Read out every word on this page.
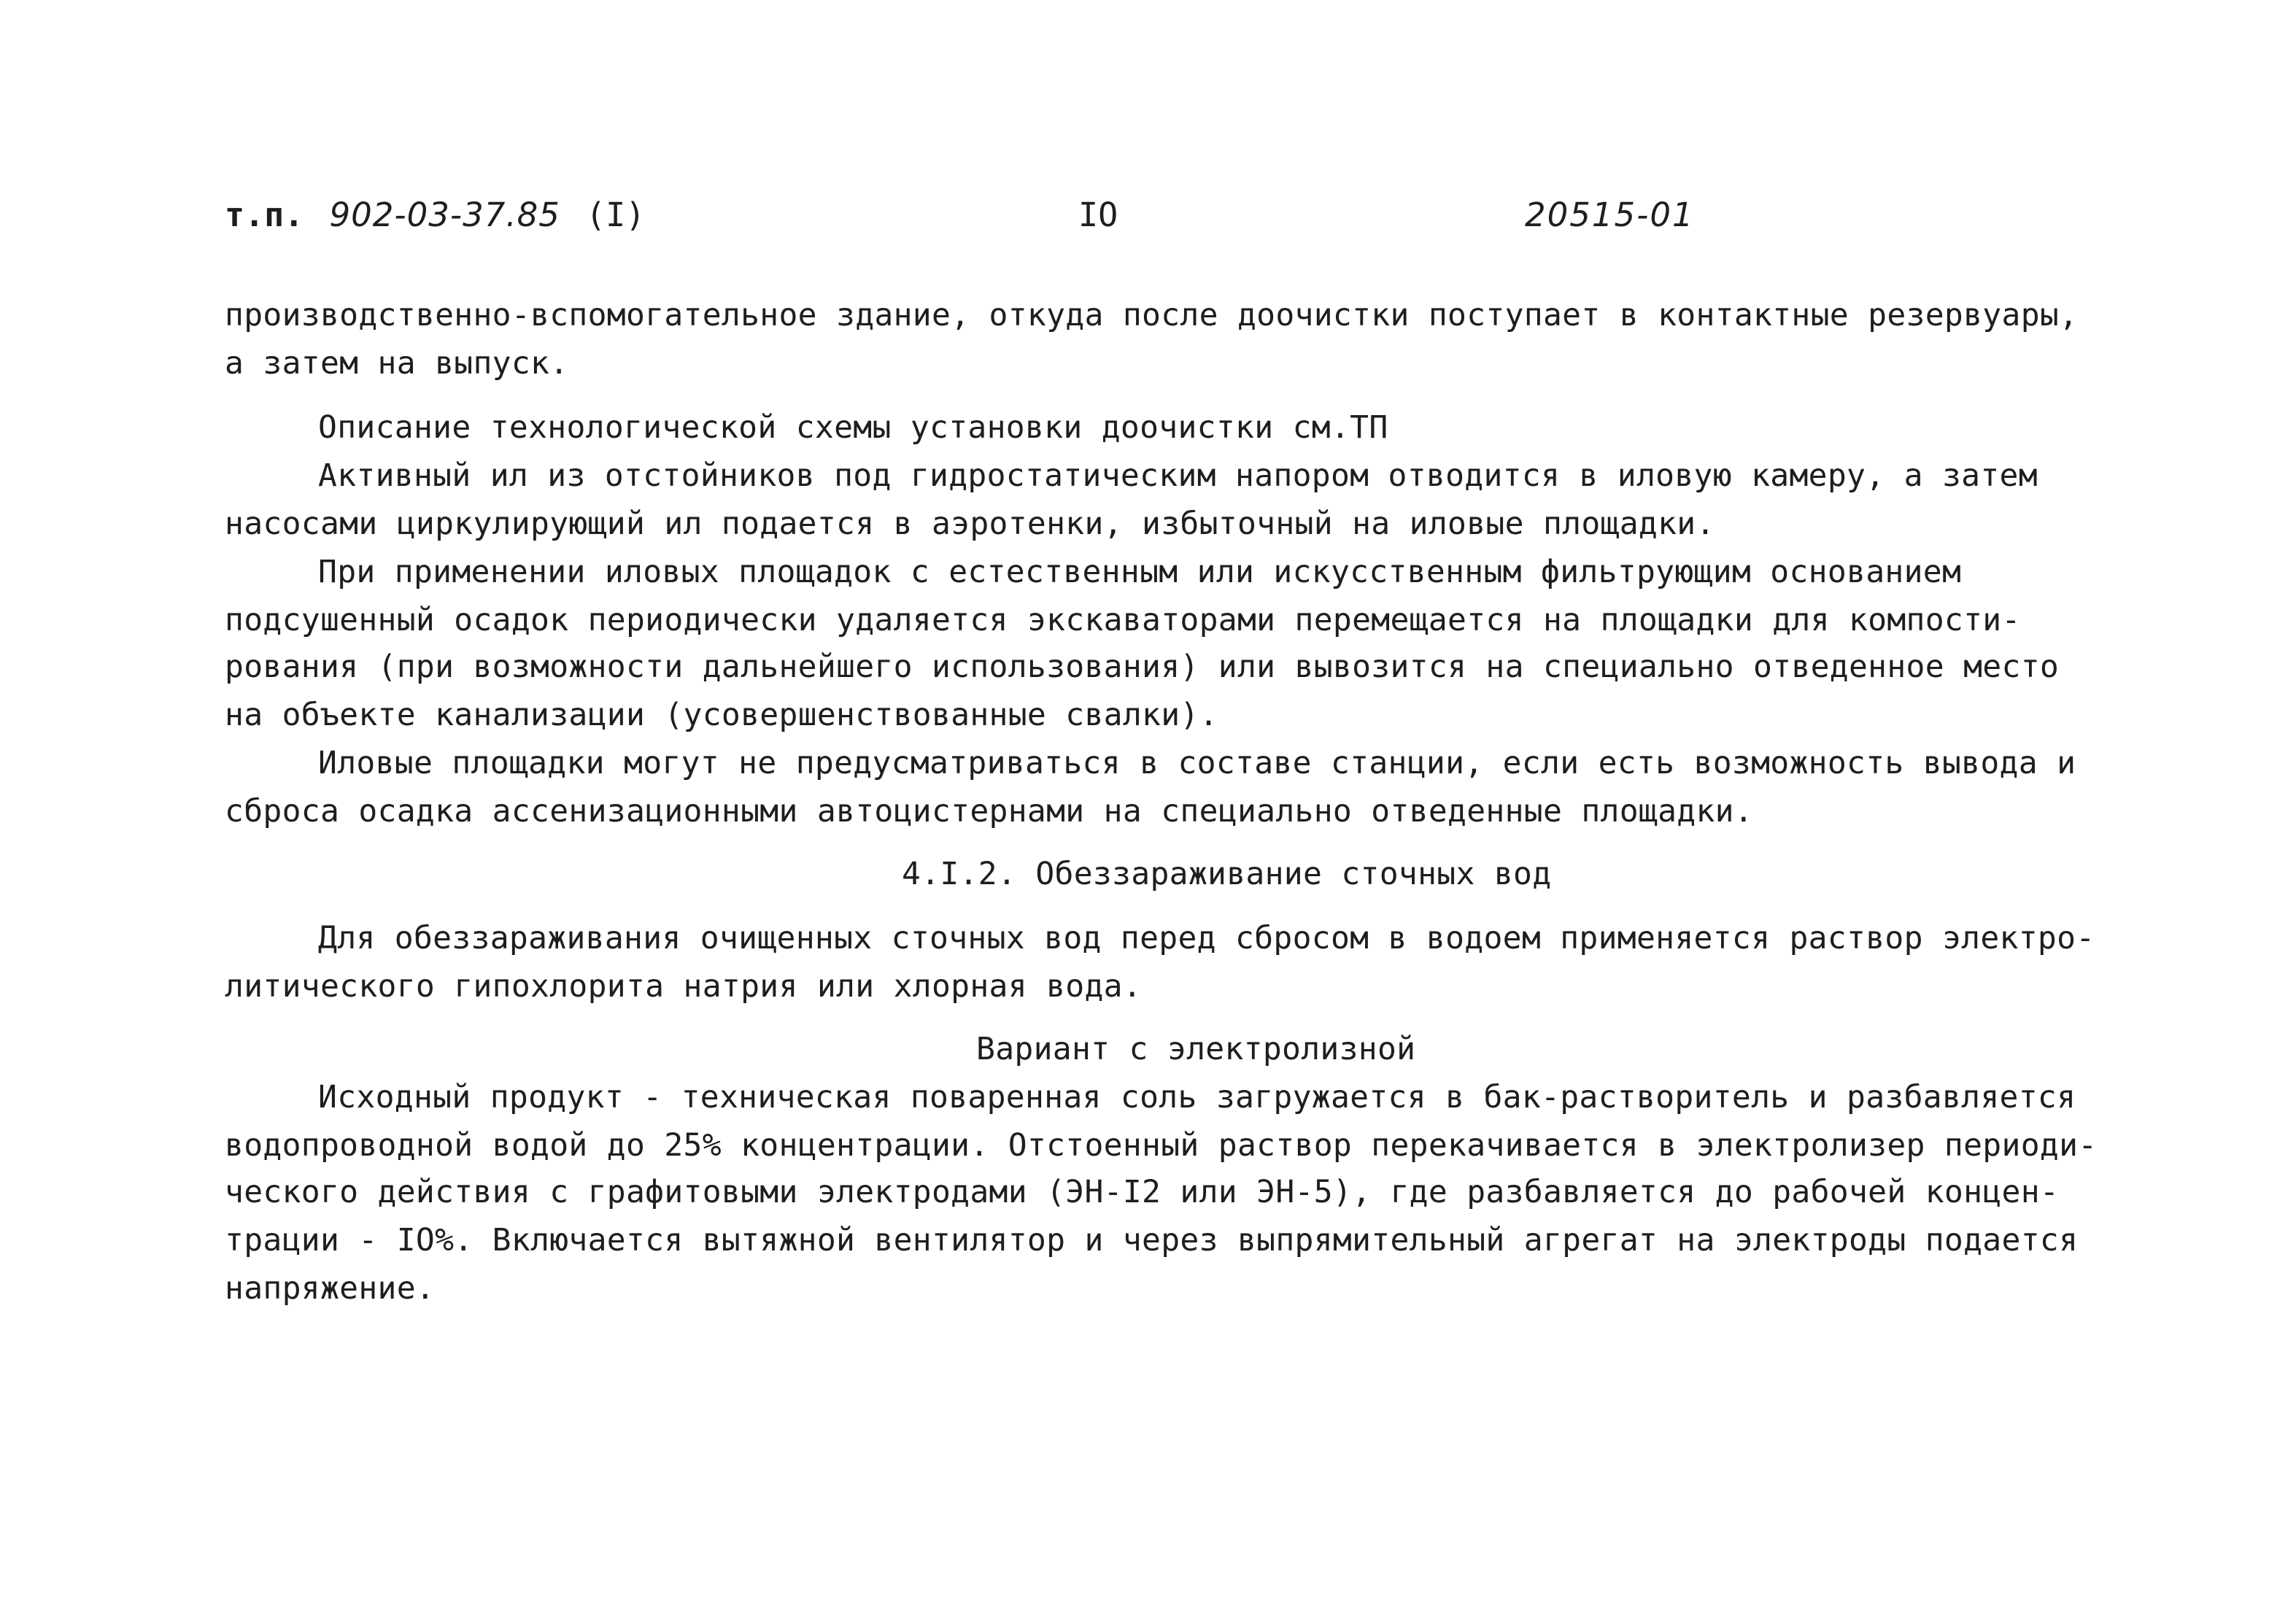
т.п. 902-03-37.85 (I)	IO	20515-01
производственно-вспомогательное здание, откуда после доочистки поступает в контактные резервуары,
а затем на выпуск.
Описание технологической схемы установки доочистки см.ТП
Активный ил из отстойников под гидростатическим напором отводится в иловую камеру, а затем
насосами циркулирующий ил подается в аэротенки, избыточный на иловые площадки.
При применении иловых площадок с естественным или искусственным фильтрующим основанием
подсушенный осадок периодически удаляется экскаваторами перемещается на площадки для компости-
рования (при возможности дальнейшего использования) или вывозится на специально отведенное место
на объекте канализации (усовершенствованные свалки).
Иловые площадки могут не предусматриваться в составе станции, если есть возможность вывода и
сброса осадка ассенизационными автоцистернами на специально отведенные площадки.
4.I.2. Обеззараживание сточных вод
Для обеззараживания очищенных сточных вод перед сбросом в водоем применяется раствор электро-
литического гипохлорита натрия или хлорная вода.
Вариант с электролизной
Исходный продукт - техническая поваренная соль загружается в бак-растворитель и разбавляется
водопроводной водой до 25% концентрации. Отстоенный раствор перекачивается в электролизер периоди-
ческого действия с графитовыми электродами (ЭН-I2 или ЭН-5), где разбавляется до рабочей концен-
трации - IO%. Включается вытяжной вентилятор и через выпрямительный агрегат на электроды подается
напряжение.
